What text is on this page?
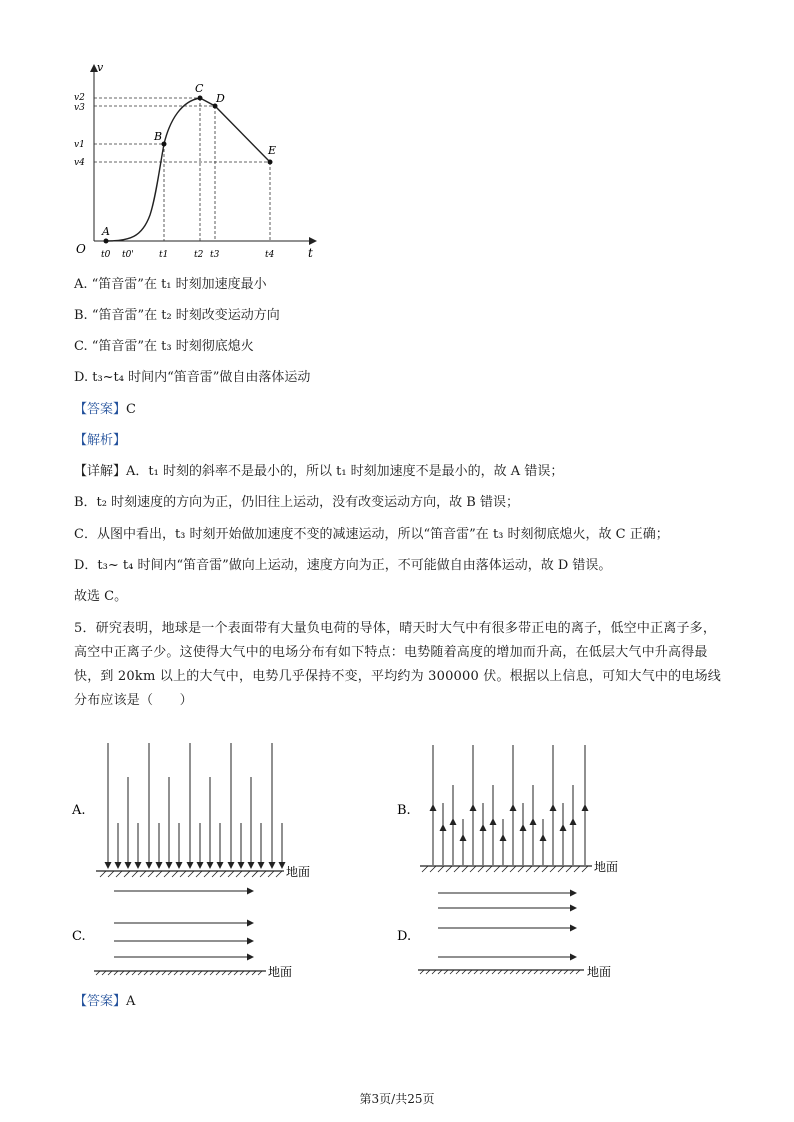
v
t
O
A
B
C
D
E
v2
v3
v1
v4
t0 t0'	t1	t2 t3	t4
A. “笛音雷”在 t₁ 时刻加速度最小
B. “笛音雷”在 t₂ 时刻改变运动方向
C. “笛音雷”在 t₃ 时刻彻底熄火
D. t₃~t₄ 时间内“笛音雷”做自由落体运动
【答案】C
【解析】
【详解】A．t₁ 时刻的斜率不是最小的，所以 t₁ 时刻加速度不是最小的，故 A 错误；
B．t₂ 时刻速度的方向为正，仍旧往上运动，没有改变运动方向，故 B 错误；
C．从图中看出，t₃ 时刻开始做加速度不变的减速运动，所以“笛音雷”在 t₃ 时刻彻底熄火，故 C 正确；
D．t₃~ t₄ 时间内“笛音雷”做向上运动，速度方向为正，不可能做自由落体运动，故 D 错误。
故选 C。
5．研究表明，地球是一个表面带有大量负电荷的导体，晴天时大气中有很多带正电的离子，低空中正离子多，高空中正离子少。这使得大气中的电场分布有如下特点：电势随着高度的增加而升高，在低层大气中升高得最快，到 20km 以上的大气中，电势几乎保持不变，平均约为 300000 伏。根据以上信息，可知大气中的电场线分布应该是（　　）
A.	B.
C.	D.
地面	地面
地面	地面
【答案】A
第3页/共25页
